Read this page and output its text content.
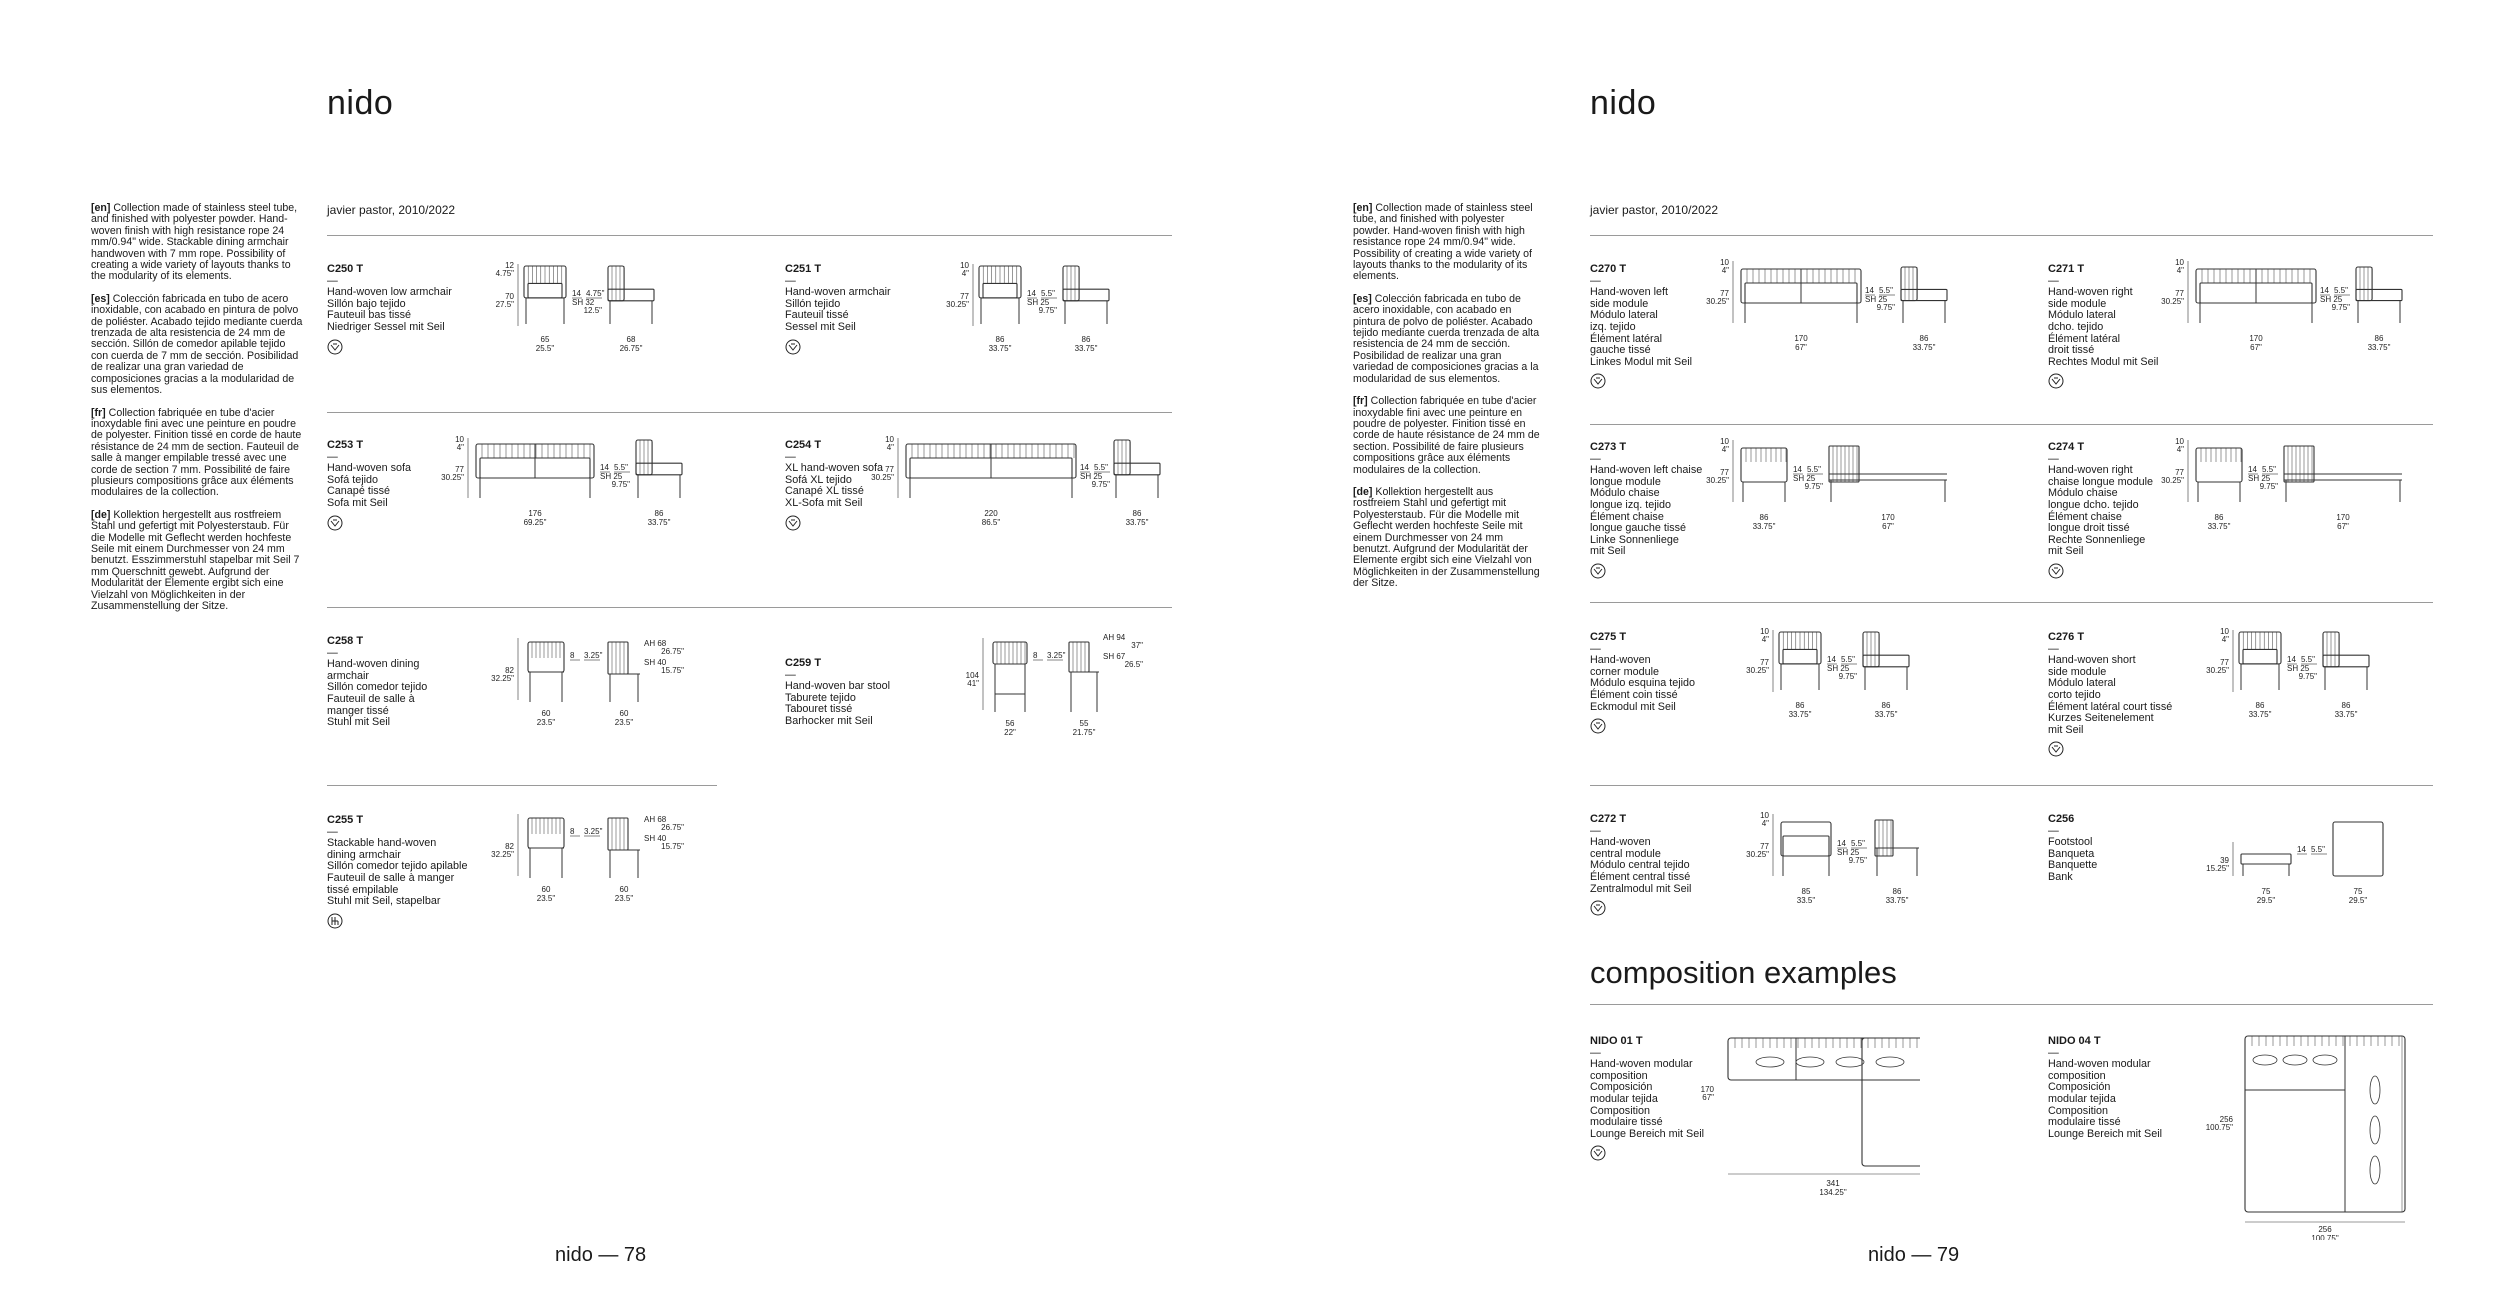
nido

[en] Collection made of stainless steel tube, and finished with polyester powder. Hand-woven finish with high resistance rope 24 mm/0.94" wide. Stackable dining armchair handwoven with 7 mm rope. Possibility of creating a wide variety of layouts thanks to the modularity of its elements.

[es] Colección fabricada en tubo de acero inoxidable, con acabado en pintura de polvo de poliéster. Acabado tejido mediante cuerda trenzada de alta resistencia de 24 mm de sección. Sillón de comedor apilable tejido con cuerda de 7 mm de sección. Posibilidad de realizar una gran variedad de composiciones gracias a la modularidad de sus elementos.

[fr] Collection fabriquée en tube d'acier inoxydable fini avec une peinture en poudre de polyester. Finition tissé en corde de haute résistance de 24 mm de section. Fauteuil de salle à manger empilable tressé avec une corde de section 7 mm. Possibilité de faire plusieurs compositions grâce aux éléments modulaires de la collection.

[de] Kollektion hergestellt aus rostfreiem Stahl und gefertigt mit Polyesterstaub. Für die Modelle mit Geflecht werden hochfeste Seile mit einem Durchmesser von 24 mm benutzt. Esszimmerstuhl stapelbar mit Seil 7 mm Querschnitt gewebt. Aufgrund der Modularität der Elemente ergibt sich eine Vielzahl von Möglichkeiten in der Zusammenstellung der Sitze.

javier pastor, 2010/2022
nido — 78
nido

[en] Collection made of stainless steel tube, and finished with polyester powder. Hand-woven finish with high resistance rope 24 mm/0.94" wide. Possibility of creating a wide variety of layouts thanks to the modularity of its elements.

[es] Colección fabricada en tubo de acero inoxidable, con acabado en pintura de polvo de poliéster. Acabado tejido mediante cuerda trenzada de alta resistencia de 24 mm de sección. Posibilidad de realizar una gran variedad de composiciones gracias a la modularidad de sus elementos.

[fr] Collection fabriquée en tube d'acier inoxydable fini avec une peinture en poudre de polyester. Finition tissé en corde de haute résistance de 24 mm de section. Possibilité de faire plusieurs compositions grâce aux éléments modulaires de la collection.

[de] Kollektion hergestellt aus rostfreiem Stahl und gefertigt mit Polyesterstaub. Für die Modelle mit Geflecht werden hochfeste Seile mit einem Durchmesser von 24 mm benutzt. Aufgrund der Modularität der Elemente ergibt sich eine Vielzahl von Möglichkeiten in der Zusammenstellung der Sitze.

javier pastor, 2010/2022
composition examples
nido — 79
C250 T
—
Hand-woven low armchair
Sillón bajo tejido
Fauteuil bas tissé
Niedriger Sessel mit Seil
12
4.75"
70
27.5"
14 4.75"
SH 32
12.5"
65
25.5"
68
26.75"
C251 T
—
Hand-woven armchair
Sillón tejido
Fauteuil tissé
Sessel mit Seil
10
4"
77
30.25"
14 5.5"
SH 25
9.75"
86
33.75"
86
33.75"
C253 T
—
Hand-woven sofa
Sofá tejido
Canapé tissé
Sofa mit Seil
10
4"
77
30.25"
14 5.5"
SH 25
9.75"
176
69.25"
86
33.75"
C254 T
—
XL hand-woven sofa
Sofá XL tejido
Canapé XL tissé
XL-Sofa mit Seil
10
4"
77
30.25"
14 5.5"
SH 25
9.75"
220
86.5"
86
33.75"
C258 T
—
Hand-woven dining
armchair
Sillón comedor tejido
Fauteuil de salle à
manger tissé
Stuhl mit Seil
82
32.25"
8 3.25"
AH 68
26.75"
SH 40
15.75"
60
23.5"
60
23.5"
C259 T
—
Hand-woven bar stool
Taburete tejido
Tabouret tissé
Barhocker mit Seil
104
41"
8 3.25"
AH 94
37"
SH 67
26.5"
56
22"
55
21.75"
C255 T
—
Stackable hand-woven
dining armchair
Sillón comedor tejido apilable
Fauteuil de salle à manger
tissé empilable
Stuhl mit Seil, stapelbar
82
32.25"
8 3.25"
AH 68
26.75"
SH 40
15.75"
60
23.5"
60
23.5"
C270 T
—
Hand-woven left
side module
Módulo lateral
izq. tejido
Élément latéral
gauche tissé
Linkes Modul mit Seil
10
4"
77
30.25"
14 5.5"
SH 25
9.75"
170
67"
86
33.75"
C271 T
—
Hand-woven right
side module
Módulo lateral
dcho. tejido
Élément latéral
droit tissé
Rechtes Modul mit Seil
10
4"
77
30.25"
14 5.5"
SH 25
9.75"
170
67"
86
33.75"
C273 T
—
Hand-woven left chaise
longue module
Módulo chaise
longue izq. tejido
Élément chaise
longue gauche tissé
Linke Sonnenliege
mit Seil
10
4"
77
30.25"
14 5.5"
SH 25
9.75"
86
33.75"
170
67"
C274 T
—
Hand-woven right
chaise longue module
Módulo chaise
longue dcho. tejido
Élément chaise
longue droit tissé
Rechte Sonnenliege
mit Seil
10
4"
77
30.25"
14 5.5"
SH 25
9.75"
86
33.75"
170
67"
C275 T
—
Hand-woven
corner module
Módulo esquina tejido
Élément coin tissé
Eckmodul mit Seil
10
4"
77
30.25"
14 5.5"
SH 25
9.75"
86
33.75"
86
33.75"
C276 T
—
Hand-woven short
side module
Módulo lateral
corto tejido
Élément latéral court tissé
Kurzes Seitenelement
mit Seil
10
4"
77
30.25"
14 5.5"
SH 25
9.75"
86
33.75"
86
33.75"
C272 T
—
Hand-woven
central module
Módulo central tejido
Élément central tissé
Zentralmodul mit Seil
10
4"
77
30.25"
14 5.5"
SH 25
9.75"
85
33.5"
86
33.75"
C256
—
Footstool
Banqueta
Banquette
Bank
39
15.25"
14 5.5"
75
29.5"
75
29.5"
NIDO 01 T
—
Hand-woven modular
composition
Composición
modular tejida
Composition
modulaire tissé
Lounge Bereich mit Seil
170
67"
341
134.25"
NIDO 04 T
—
Hand-woven modular
composition
Composición
modular tejida
Composition
modulaire tissé
Lounge Bereich mit Seil
256
100.75"
256
100.75"
